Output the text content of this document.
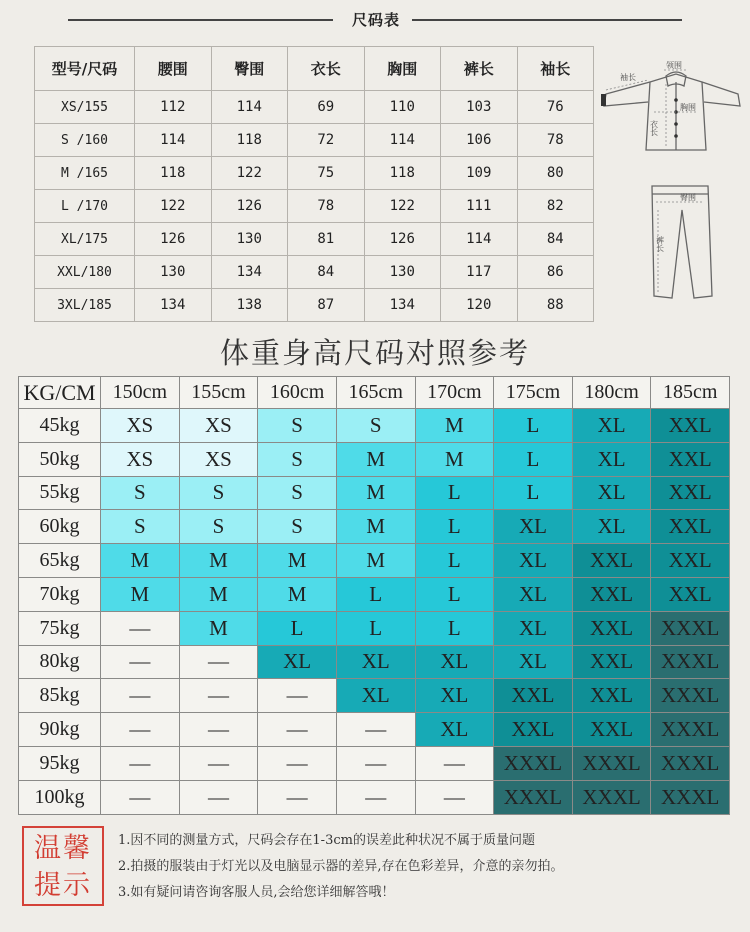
尺码表
型号/尺码	腰围	臀围	衣长	胸围	裤长	袖长
XS/155	112	114	69	110	103	76
S /160	114	118	72	114	106	78
M /165	118	122	75	118	109	80
L /170	122	126	78	122	111	82
XL/175	126	130	81	126	114	84
XXL/180	130	134	84	130	117	86
3XL/185	134	138	87	134	120	88
袖长
领围
胸围
臀围
衣长
裤长
体重身高尺码对照参考
KG/CM	150cm	155cm	160cm	165cm	170cm	175cm	180cm	185cm
45kg	XS	XS	S	S	M	L	XL	XXL
50kg	XS	XS	S	M	M	L	XL	XXL
55kg	S	S	S	M	L	L	XL	XXL
60kg	S	S	S	M	L	XL	XL	XXL
65kg	M	M	M	M	L	XL	XXL	XXL
70kg	M	M	M	L	L	XL	XXL	XXL
75kg	—	M	L	L	L	XL	XXL	XXXL
80kg	—	—	XL	XL	XL	XL	XXL	XXXL
85kg	—	—	—	XL	XL	XXL	XXL	XXXL
90kg	—	—	—	—	XL	XXL	XXL	XXXL
95kg	—	—	—	—	—	XXXL	XXXL	XXXL
100kg	—	—	—	—	—	XXXL	XXXL	XXXL
温馨
提示
1.因不同的测量方式，尺码会存在1-3cm的误差此种状况不属于质量问题
2.拍摄的服装由于灯光以及电脑显示器的差异,存在色彩差异，介意的亲勿拍。
3.如有疑问请咨询客服人员,会给您详细解答哦！
